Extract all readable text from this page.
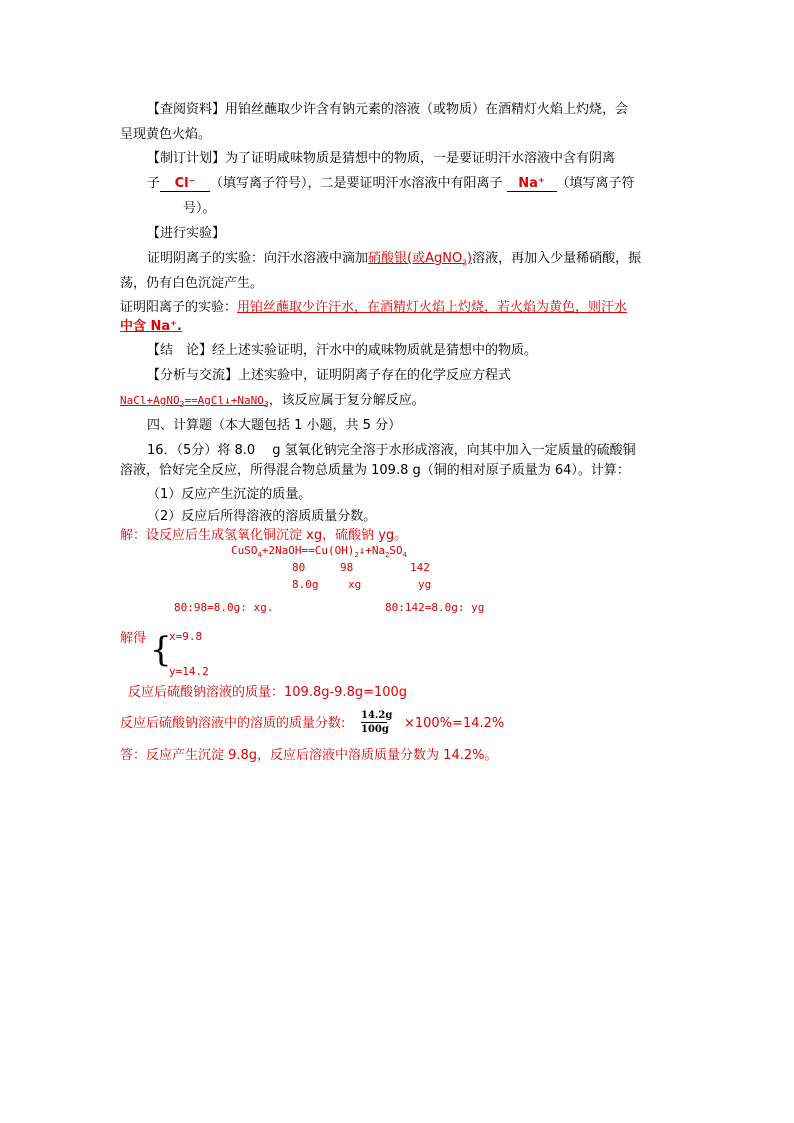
【查阅资料】用铂丝蘸取少许含有钠元素的溶液（或物质）在酒精灯火焰上灼烧，会
呈现黄色火焰。
【制订计划】为了证明咸味物质是猜想中的物质，一是要证明汗水溶液中含有阴离
子 Cl⁻ （填写离子符号），二是要证明汗水溶液中有阳离子 Na⁺ （填写离子符
号）。
【进行实验】
证明阴离子的实验：向汗水溶液中滴加硝酸银(或AgNO$_3$)溶液，再加入少量稀硝酸，振
荡，仍有白色沉淀产生。
证明阳离子的实验：用铂丝蘸取少许汗水，在酒精灯火焰上灼烧，若火焰为黄色，则汗水
中含 Na⁺.
【结　论】经上述实验证明，汗水中的咸味物质就是猜想中的物质。
【分析与交流】上述实验中，证明阴离子存在的化学反应方程式
NaCl+AgNO$_3$==AgCl↓+NaNO$_3$，该反应属于复分解反应。
四、计算题（本大题包括 1 小题，共 5 分）
16．（5分）将 8.0　 g 氢氧化钠完全溶于水形成溶液，向其中加入一定质量的硫酸铜
溶液，恰好完全反应，所得混合物总质量为 109.8 g（铜的相对原子质量为 64）。计算：
（1）反应产生沉淀的质量。
（2）反应后所得溶液的溶质质量分数。
解：设反应后生成氢氧化铜沉淀 xg，硫酸钠 yg。
$CuSO_4+2NaOH==Cu(OH)_2↓+Na_2SO_4$
80	98	142
8.0g	xg	yg
80:98=8.0g: xg.	80:142=8.0g: yg
解得 {
x=9.8
y=14.2
反应后硫酸钠溶液的质量：109.8g-9.8g=100g
反应后硫酸钠溶液中的溶质的质量分数: $\frac{14.2g}{100g} \times 100\%=14.2\%$
答：反应产生沉淀 9.8g，反应后溶液中溶质质量分数为 14.2%。
